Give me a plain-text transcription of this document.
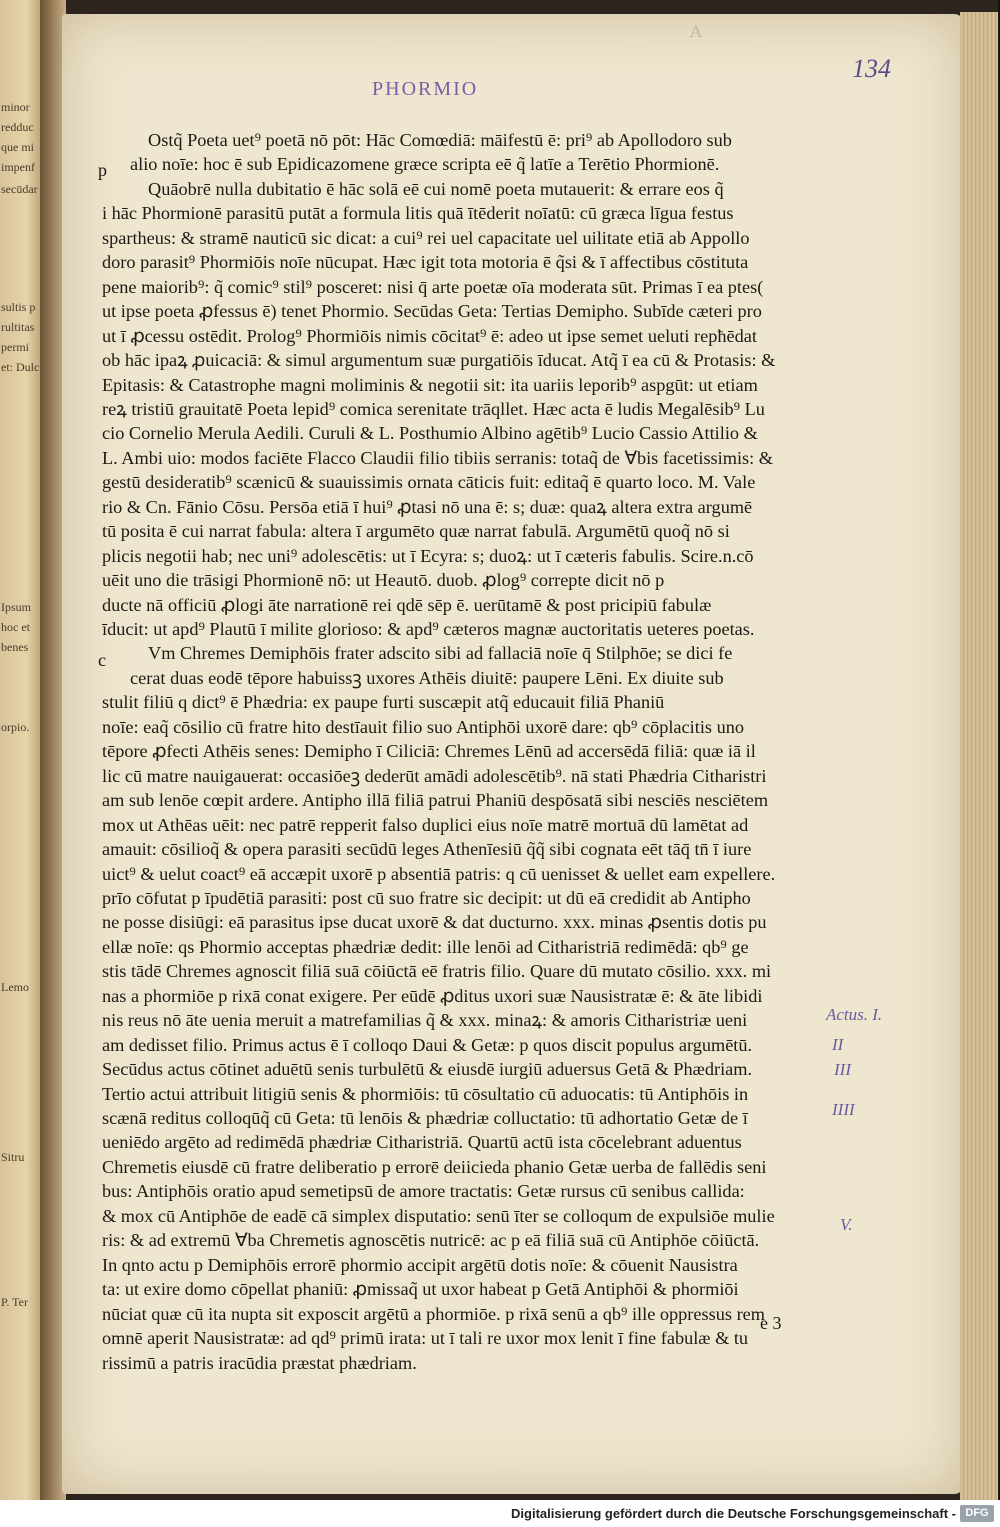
A
PHORMIO
134

Ostq̃ Poeta uet⁹ poetā nō pōt: Hāc Comœdiā: māifestū ē: pri⁹ ab Apollodoro sub

alio noīe: hoc ē sub Epidicazomene græce scripta eē q̃ latīe a Terētio Phormionē.

Quāobrē nulla dubitatio ē hāc solā eē cui nomē poeta mutauerit: & errare eos q̃

i hāc Phormionē parasitū putāt a formula litis quā ītēderit noīatū: cū græca līgua festus

spartheus: & stramē nauticū sic dicat: a cui⁹ rei uel capacitate uel uilitate etiā ab Appollo

doro parasit⁹ Phormiōis noīe nūcupat. Hæc igit tota motoria ē q̃si & ī affectibus cōstituta

pene maiorib⁹: q̃ comic⁹ stil⁹ posceret: nisi q̄ arte poetæ oīa moderata sūt. Primas ī ea ptes(

ut ipse poeta ꝓfessus ē) tenet Phormio. Secūdas Geta: Tertias Demipho. Subīde cæteri pro

ut ī ꝓcessu ostēdit. Prolog⁹ Phormiōis nimis cōcitat⁹ ē: adeo ut ipse semet ueluti repħēdat

ob hāc ipaꝝ ꝓuicaciā: & simul argumentum suæ purgatiōis īducat. Atq̃ ī ea cū & Protasis: &

Epitasis: & Catastrophe magni moliminis & negotii sit: ita uariis leporib⁹ aspgūt: ut etiam

reꝝ tristiū grauitatē Poeta lepid⁹ comica serenitate trāqllet. Hæc acta ē ludis Megalēsib⁹ Lu

cio Cornelio Merula Aedili. Curuli & L. Posthumio Albino agētib⁹ Lucio Cassio Attilio &

L. Ambi uio: modos faciēte Flacco Claudii filio tibiis serranis: totaq̃ de ∀bis facetissimis: &

gestū desideratib⁹ scænicū & suauissimis ornata cāticis fuit: editaq̃ ē quarto loco. M. Vale

rio & Cn. Fānio Cōsu. Persōa etiā ī hui⁹ ꝓtasi nō una ē: s; duæ: quaꝝ altera extra argumē

tū posita ē cui narrat fabula: altera ī argumēto quæ narrat fabulā. Argumētū quoq̃ nō si

plicis negotii hab; nec uni⁹ adolescētis: ut ī Ecyra: s; duoꝝ: ut ī cæteris fabulis. Scire.n.cō

uēit uno die trāsigi Phormionē nō: ut Heautō. duob. ꝓlog⁹ correpte dicit nō p

ducte nā officiū ꝓlogi āte narrationē rei qdē sēp ē. uerūtamē & post pricipiū fabulæ

īducit: ut apd⁹ Plautū ī milite glorioso: & apd⁹ cæteros magnæ auctoritatis ueteres poetas.

Vm Chremes Demiphōis frater adscito sibi ad fallaciā noīe q̄ Stilphōe; se dici fe

cerat duas eodē tēpore habuissꝫ uxores Athēis diuitē: paupere Lēni. Ex diuite sub

stulit filiū q dict⁹ ē Phædria: ex paupe furti suscæpit atq̃ educauit filiā Phaniū

noīe: eaq̃ cōsilio cū fratre hito destīauit filio suo Antiphōi uxorē dare: qb⁹ cōplacitis uno

tēpore ꝓfecti Athēis senes: Demipho ī Ciliciā: Chremes Lēnū ad accersēdā filiā: quæ iā il

lic cū matre nauigauerat: occasiōeꝫ dederūt amādi adolescētib⁹. nā stati Phædria Citharistri

am sub lenōe cœpit ardere. Antipho illā filiā patrui Phaniū despōsatā sibi nesciēs nesciētem

mox ut Athēas uēit: nec patrē repperit falso duplici eius noīe matrē mortuā dū lamētat ad

amauit: cōsilioq̃ & opera parasiti secūdū leges Athenīesiū q̃q̃ sibi cognata eēt tāq̄ tn̄ ī iure

uict⁹ & uelut coact⁹ eā accæpit uxorē p absentiā patris: q cū uenisset & uellet eam expellere.

prīo cōfutat p īpudētiā parasiti: post cū suo fratre sic decipit: ut dū eā credidit ab Antipho

ne posse disiūgi: eā parasitus ipse ducat uxorē & dat ducturno. xxx. minas ꝓsentis dotis pu

ellæ noīe: qs Phormio acceptas phædriæ dedit: ille lenōi ad Citharistriā redimēdā: qb⁹ ge

stis tādē Chremes agnoscit filiā suā cōiūctā eē fratris filio. Quare dū mutato cōsilio. xxx. mi

nas a phormiōe p rixā conat exigere. Per eūdē ꝓditus uxori suæ Nausistratæ ē: & āte libidi

nis reus nō āte uenia meruit a matrefamilias q̃ & xxx. minaꝝ: & amoris Citharistriæ ueni

am dedisset filio. Primus actus ē ī colloqo Daui & Getæ: p quos discit populus argumētū.

Secūdus actus cōtinet aduētū senis turbulētū & eiusdē iurgiū aduersus Getā & Phædriam.

Tertio actui attribuit litigiū senis & phormiōis: tū cōsultatio cū aduocatis: tū Antiphōis in

scænā reditus colloqūq̃ cū Geta: tū lenōis & phædriæ colluctatio: tū adhortatio Getæ de ī

ueniēdo argēto ad redimēdā phædriæ Citharistriā. Quartū actū ista cōcelebrant aduentus

Chremetis eiusdē cū fratre deliberatio p errorē deiicieda phanio Getæ uerba de fallēdis seni

bus: Antiphōis oratio apud semetipsū de amore tractatis: Getæ rursus cū senibus callida:

& mox cū Antiphōe de eadē cā simplex disputatio: senū īter se colloqum de expulsiōe mulie

ris: & ad extremū ∀ba Chremetis agnoscētis nutricē: ac p eā filiā suā cū Antiphōe cōiūctā.

In qnto actu p Demiphōis errorē phormio accipit argētū dotis noīe: & cōuenit Nausistra

ta: ut exire domo cōpellat phaniū: ꝓmissaq̃ ut uxor habeat p Getā Antiphōi & phormiōi

nūciat quæ cū ita nupta sit exposcit argētū a phormiōe. p rixā senū a qb⁹ ille oppressus rem

omnē aperit Nausistratæ: ad qd⁹ primū irata: ut ī tali re uxor mox lenit ī fine fabulæ & tu

rissimū a patris iracūdia præstat phædriam.

p
c
Actus. I.
II
III
IIII
V.
minor
redduc
que mi
impenf
secūdar
sultis p
rultitas
permi
et: Dulc
Ipsum
hoc et
benes
orpio.
Lemo
Sitru
P. Ter
e 3
Digitalisierung gefördert durch die Deutsche Forschungsgemeinschaft - DFG
